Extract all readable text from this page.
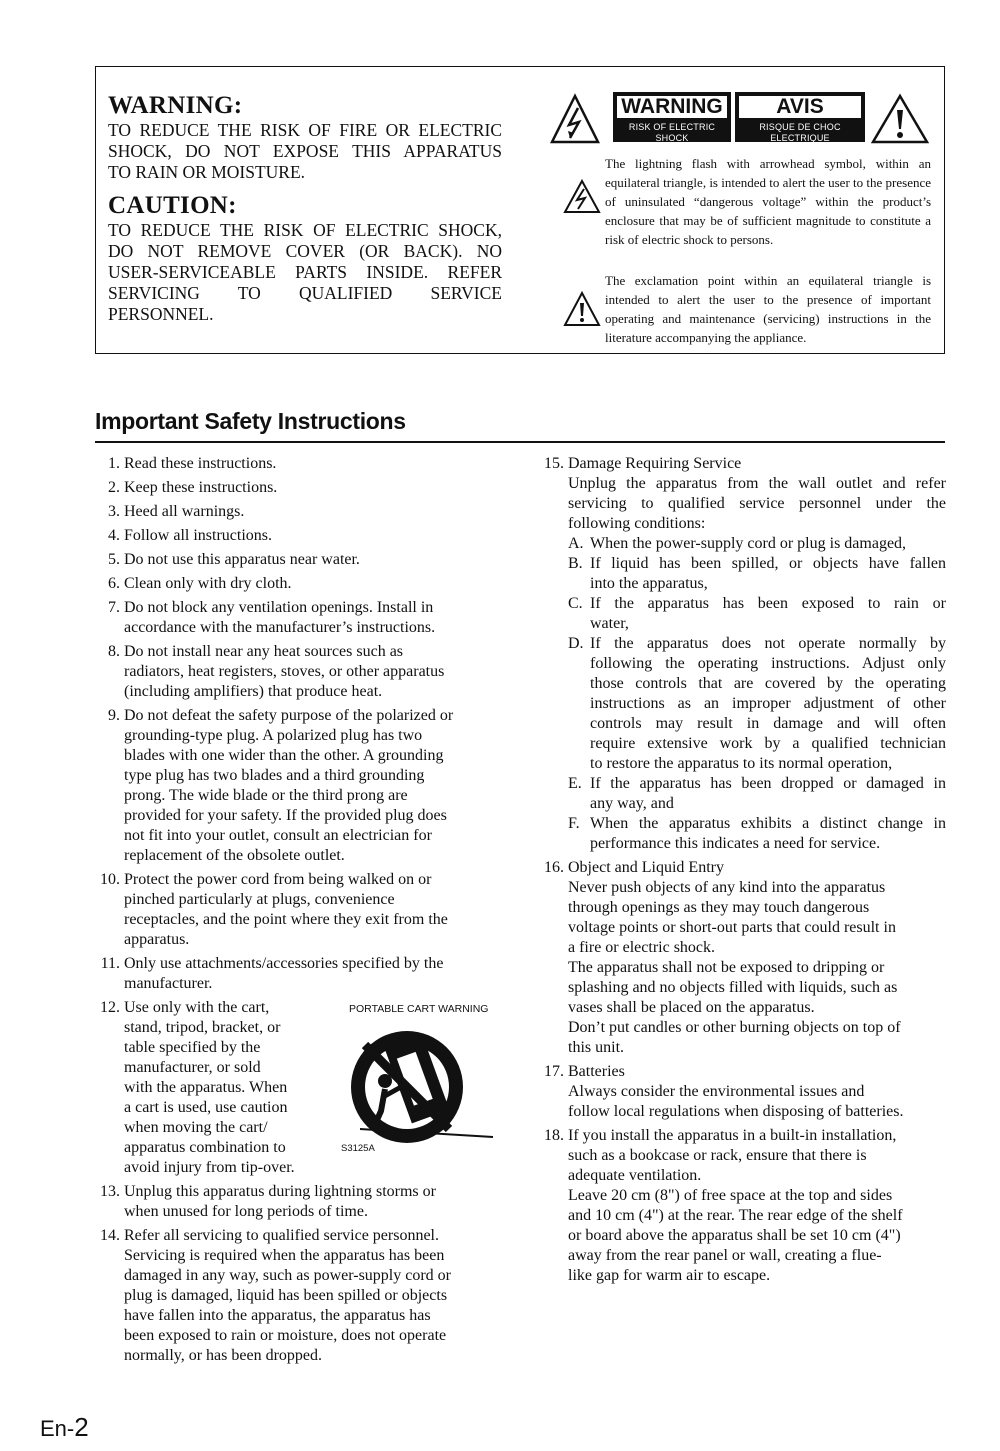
WARNING:
TO REDUCE THE RISK OF FIRE OR ELECTRIC
SHOCK, DO NOT EXPOSE THIS APPARATUS
TO RAIN OR MOISTURE.
CAUTION:
TO REDUCE THE RISK OF ELECTRIC SHOCK,
DO NOT REMOVE COVER (OR BACK). NO
USER-SERVICEABLE PARTS INSIDE. REFER
SERVICING TO QUALIFIED SERVICE
PERSONNEL.
WARNING
RISK OF ELECTRIC SHOCK
DO NOT OPEN
AVIS
RISQUE DE CHOC ELECTRIQUE
NE PAS OUVRIR
The lightning flash with arrowhead symbol, within an equilateral triangle, is intended to alert the user to the presence of uninsulated “dangerous voltage” within the product’s enclosure that may be of sufficient magnitude to constitute a risk of electric shock to persons.
The exclamation point within an equilateral triangle is intended to alert the user to the presence of important operating and maintenance (servicing) instructions in the literature accompanying the appliance.
Important Safety Instructions
1. Read these instructions.
2. Keep these instructions.
3. Heed all warnings.
4. Follow all instructions.
5. Do not use this apparatus near water.
6. Clean only with dry cloth.
7. Do not block any ventilation openings. Install in
accordance with the manufacturer’s instructions.
8. Do not install near any heat sources such as
radiators, heat registers, stoves, or other apparatus
(including amplifiers) that produce heat.
9. Do not defeat the safety purpose of the polarized or
grounding-type plug. A polarized plug has two
blades with one wider than the other. A grounding
type plug has two blades and a third grounding
prong. The wide blade or the third prong are
provided for your safety. If the provided plug does
not fit into your outlet, consult an electrician for
replacement of the obsolete outlet.
10. Protect the power cord from being walked on or
pinched particularly at plugs, convenience
receptacles, and the point where they exit from the
apparatus.
11. Only use attachments/accessories specified by the
manufacturer.
12. Use only with the cart,
stand, tripod, bracket, or
table specified by the
manufacturer, or sold
with the apparatus. When
a cart is used, use caution
when moving the cart/
apparatus combination to
avoid injury from tip-over.
13. Unplug this apparatus during lightning storms or
when unused for long periods of time.
14. Refer all servicing to qualified service personnel.
Servicing is required when the apparatus has been
damaged in any way, such as power-supply cord or
plug is damaged, liquid has been spilled or objects
have fallen into the apparatus, the apparatus has
been exposed to rain or moisture, does not operate
normally, or has been dropped.
PORTABLE CART WARNING
S3125A
15. Damage Requiring Service
Unplug the apparatus from the wall outlet and refer
servicing to qualified service personnel under the
following conditions:
A. When the power-supply cord or plug is damaged,
B. If liquid has been spilled, or objects have fallen
into the apparatus,
C. If the apparatus has been exposed to rain or
water,
D. If the apparatus does not operate normally by
following the operating instructions. Adjust only
those controls that are covered by the operating
instructions as an improper adjustment of other
controls may result in damage and will often
require extensive work by a qualified technician
to restore the apparatus to its normal operation,
E. If the apparatus has been dropped or damaged in
any way, and
F. When the apparatus exhibits a distinct change in
performance this indicates a need for service.
16. Object and Liquid Entry
Never push objects of any kind into the apparatus
through openings as they may touch dangerous
voltage points or short-out parts that could result in
a fire or electric shock.
The apparatus shall not be exposed to dripping or
splashing and no objects filled with liquids, such as
vases shall be placed on the apparatus.
Don’t put candles or other burning objects on top of
this unit.
17. Batteries
Always consider the environmental issues and
follow local regulations when disposing of batteries.
18. If you install the apparatus in a built-in installation,
such as a bookcase or rack, ensure that there is
adequate ventilation.
Leave 20 cm (8") of free space at the top and sides
and 10 cm (4") at the rear. The rear edge of the shelf
or board above the apparatus shall be set 10 cm (4")
away from the rear panel or wall, creating a flue-
like gap for warm air to escape.
En-2
